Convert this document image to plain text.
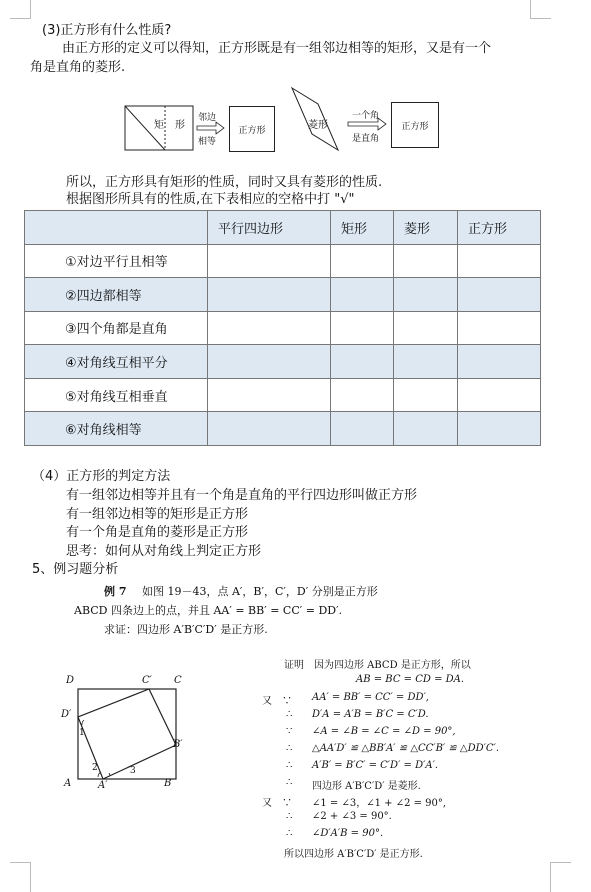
(3)正方形有什么性质?
由正方形的定义可以得知，正方形既是有一组邻边相等的矩形，又是有一个
角是直角的菱形.
矩 形
邻边
相等
正方形	菱形
一个角
是直角
正方形
所以，正方形具有矩形的性质，同时又具有菱形的性质.
根据图形所具有的性质,在下表相应的空格中打 "√"
	平行四边形	矩形	菱形	正方形
①对边平行且相等				
②四边都相等				
③四个角都是直角				
④对角线互相平分				
⑤对角线互相垂直				
⑥对角线相等				
（4）正方形的判定方法
有一组邻边相等并且有一个角是直角的平行四边形叫做正方形
有一组邻边相等的矩形是正方形
有一个角是直角的菱形是正方形
思考：如何从对角线上判定正方形
5、例习题分析
例 7 如图 19－43，点 A′，B′，C′，D′ 分别是正方形
ABCD 四条边上的点，并且 AA′ = BB′ = CC′ = DD′.
求证：四边形 A′B′C′D′ 是正方形.
D	C′ C
D′
B′
A	A′	B
1
2	3
证明　因为四边形 ABCD 是正方形，所以
AB = BC = CD = DA.
又　∵ AA′ = BB′ = CC′ = DD′,
∴ D′A = A′B = B′C = C′D.
∵ ∠A = ∠B = ∠C = ∠D = 90°,
∴ △AA′D′ ≌ △BB′A′ ≌ △CC′B′ ≌ △DD′C′.
∴ A′B′ = B′C′ = C′D′ = D′A′.
∴ 四边形 A′B′C′D′ 是菱形.
又　∵ ∠1 = ∠3，∠1 + ∠2 = 90°,
∴ ∠2 + ∠3 = 90°.
∴ ∠D′A′B = 90°.
所以四边形 A′B′C′D′ 是正方形.
